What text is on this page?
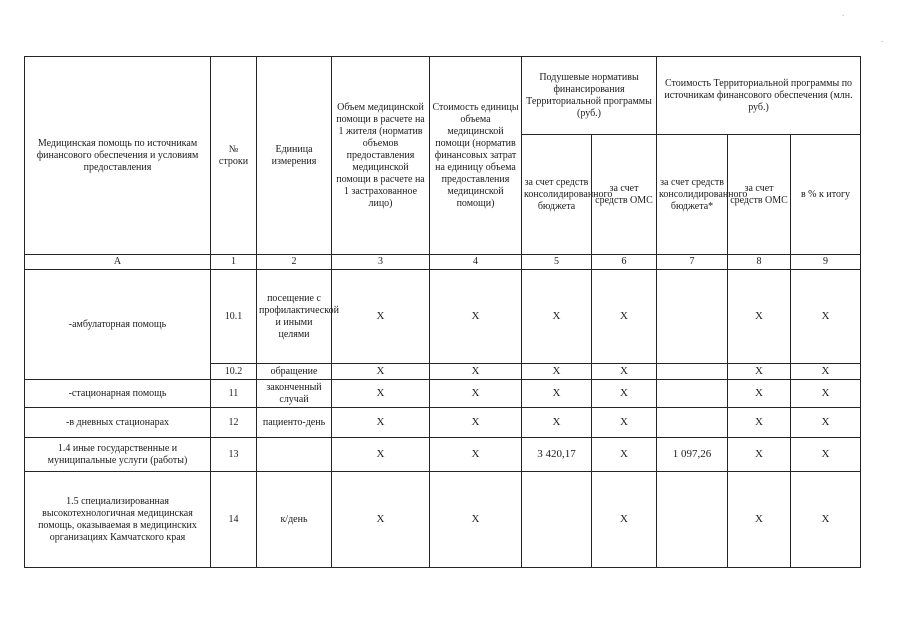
·
·
Медицинская помощь по источникам финансового обеспечения и условиям предоставления	№ строки	Единица измерения	Объем медицинской помощи в расчете на 1 жителя (норматив объемов предоставления медицинской помощи в расчете на 1 застрахованное лицо)	Стоимость единицы объема медицинской помощи (норматив финансовых затрат на единицу объема предоставления медицинской помощи)	Подушевые нормативы финансирования Территориальной программы (руб.)		Стоимость Территориальной программы по источникам финансового обеспечения (млн. руб.)		
					за счет средств консолидированного бюджета	за счет средств ОМС	за счет средств консолидированного бюджета*	за счет средств ОМС	в % к итогу
А	1	2	3	4	5	6	7	8	9
-амбулаторная помощь	10.1	посещение с профилактической и иными целями	Х	Х	Х	Х		Х	Х
	10.2	обращение	Х	Х	Х	Х		Х	Х
-стационарная помощь	11	законченный случай	Х	Х	Х	Х		Х	Х
-в дневных стационарах	12	пациенто-день	Х	Х	Х	Х		Х	Х
1.4 иные государственные и муниципальные услуги (работы)	13		Х	Х	3 420,17	Х	1 097,26	Х	Х
1.5 специализированная высокотехнологичная медицинская помощь, оказываемая в медицинских организациях Камчатского края	14	к/день	Х	Х		Х		Х	Х
